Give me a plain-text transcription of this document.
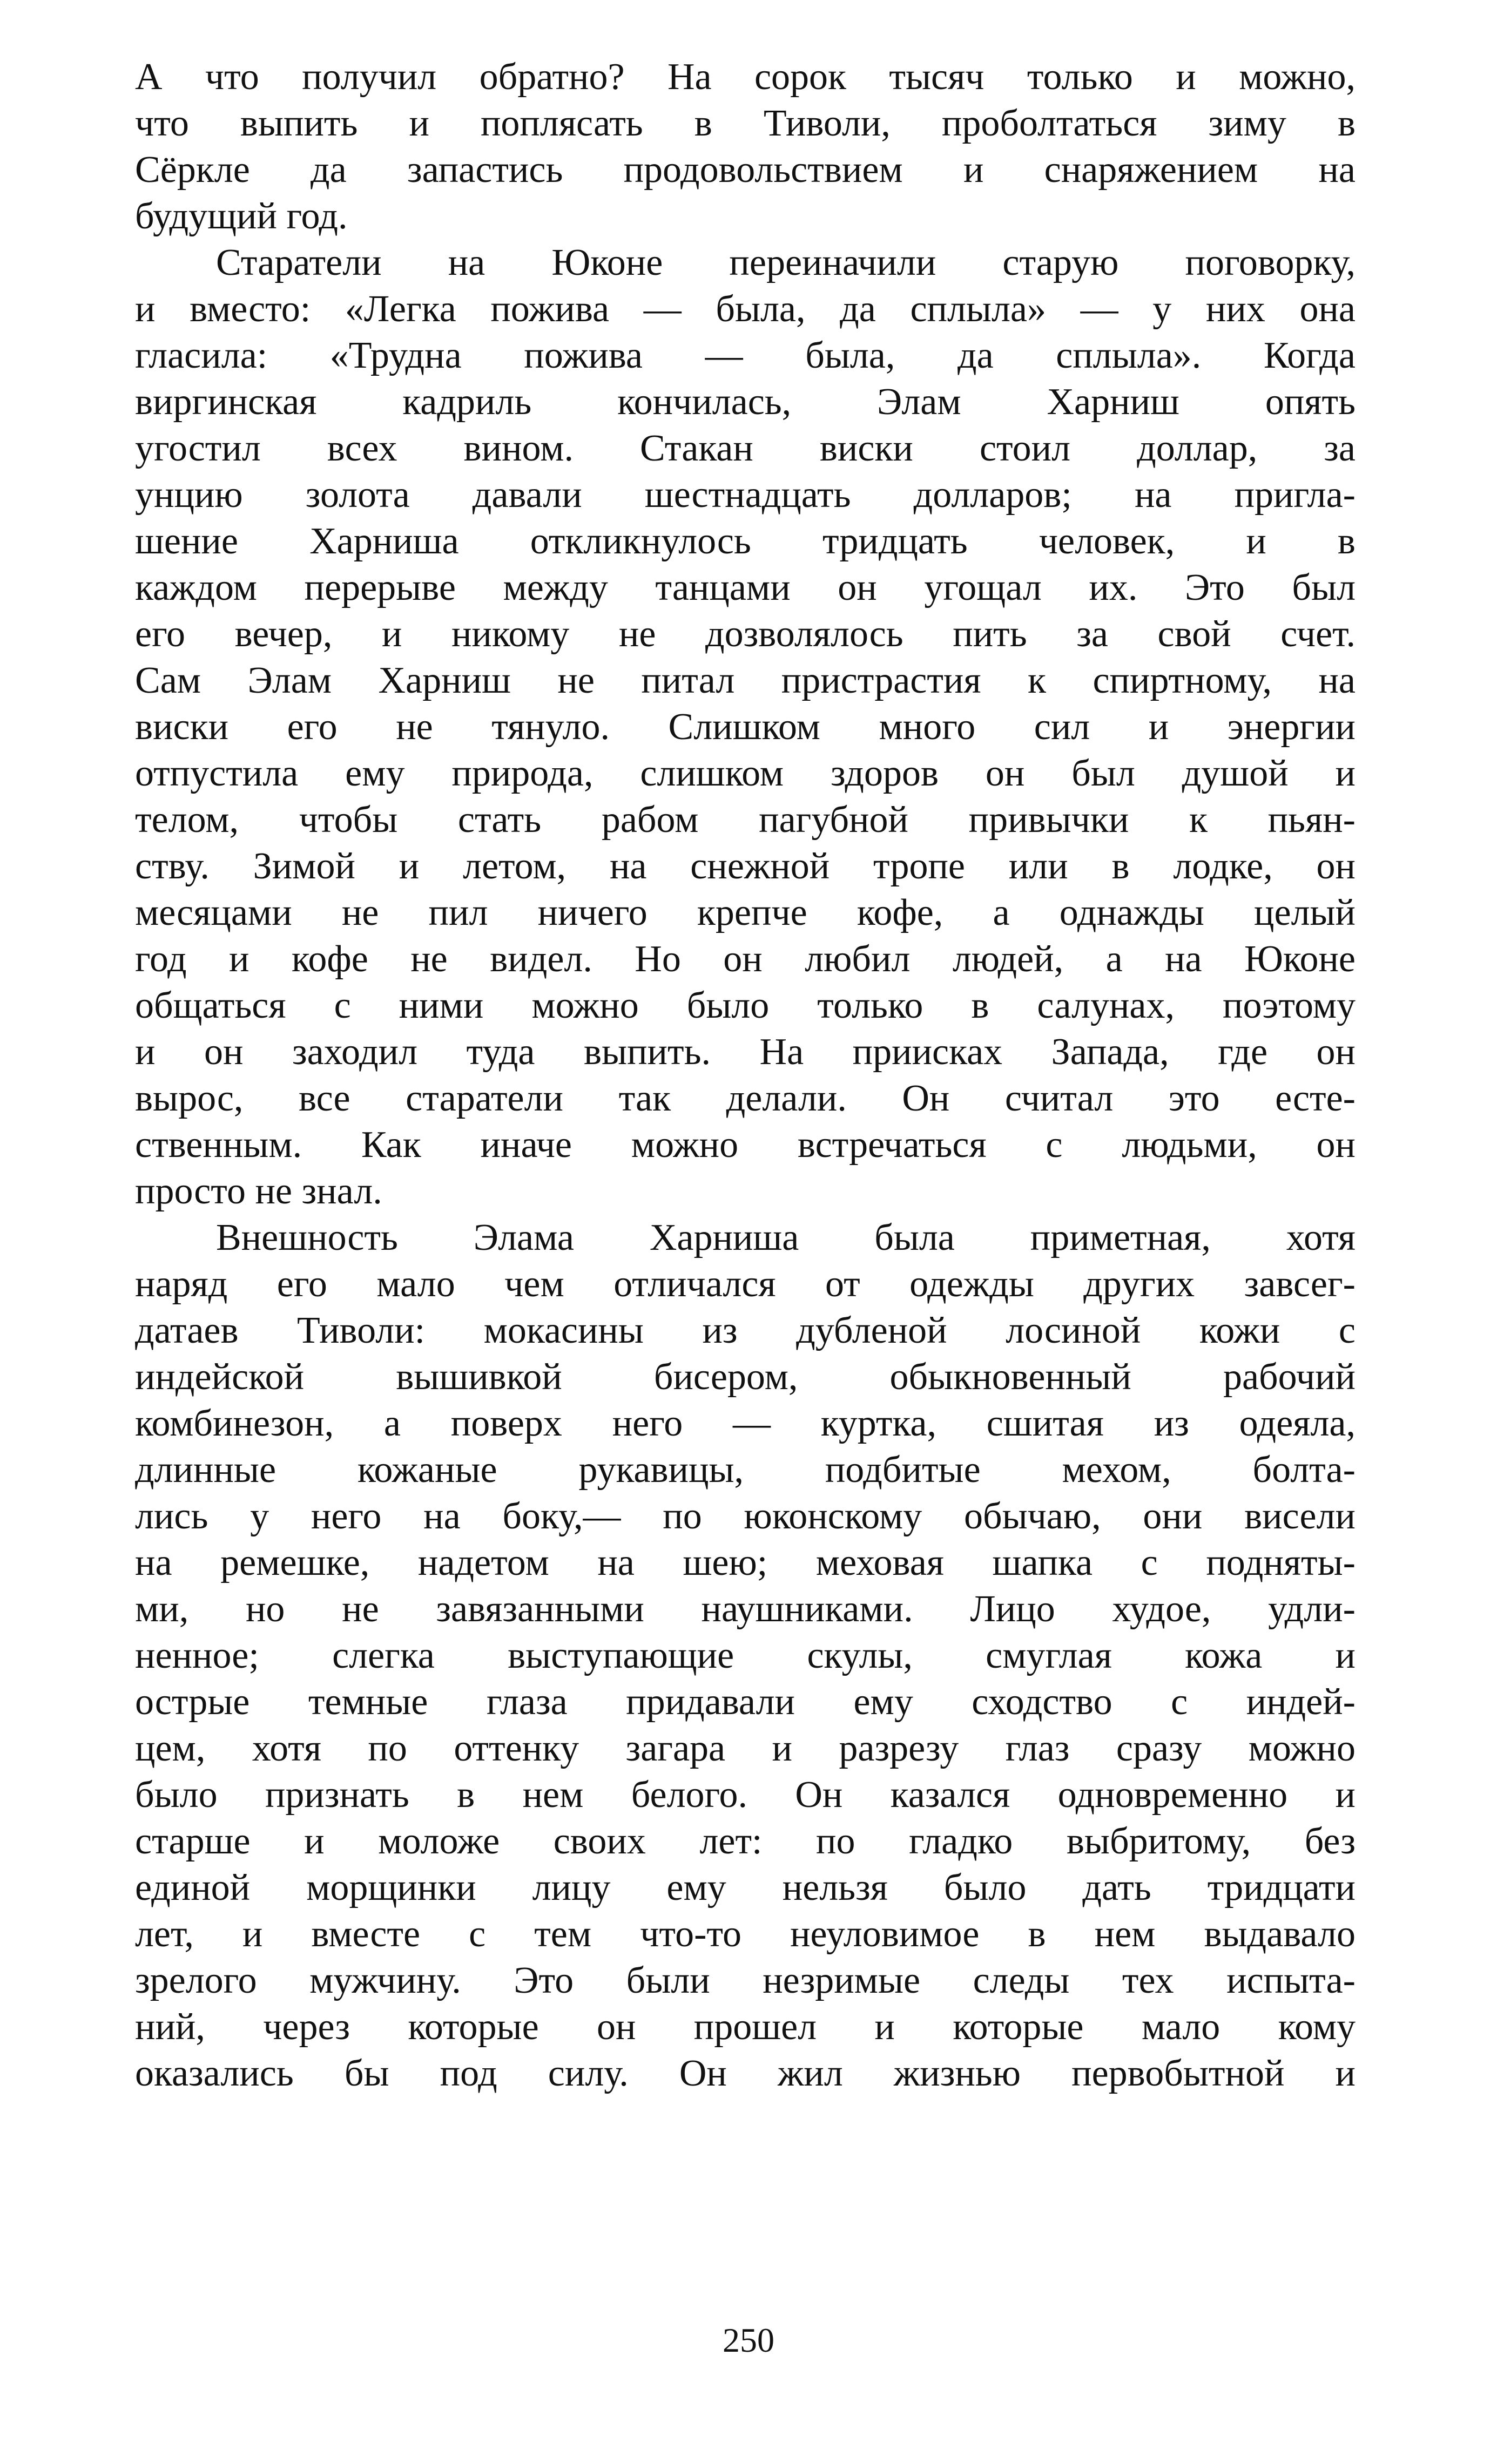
А что получил обратно? На сорок тысяч только и можно,
что выпить и поплясать в Тиволи, проболтаться зиму в
Сёркле да запастись продовольствием и снаряжением на
будущий год.
Старатели на Юконе переиначили старую поговорку,
и вместо: «Легка пожива — была, да сплыла» — у них она
гласила: «Трудна пожива — была, да сплыла». Когда
виргинская кадриль кончилась, Элам Харниш опять
угостил всех вином. Стакан виски стоил доллар, за
унцию золота давали шестнадцать долларов; на пригла-
шение Харниша откликнулось тридцать человек, и в
каждом перерыве между танцами он угощал их. Это был
его вечер, и никому не дозволялось пить за свой счет.
Сам Элам Харниш не питал пристрастия к спиртному, на
виски его не тянуло. Слишком много сил и энергии
отпустила ему природа, слишком здоров он был душой и
телом, чтобы стать рабом пагубной привычки к пьян-
ству. Зимой и летом, на снежной тропе или в лодке, он
месяцами не пил ничего крепче кофе, а однажды целый
год и кофе не видел. Но он любил людей, а на Юконе
общаться с ними можно было только в салунах, поэтому
и он заходил туда выпить. На приисках Запада, где он
вырос, все старатели так делали. Он считал это есте-
ственным. Как иначе можно встречаться с людьми, он
просто не знал.
Внешность Элама Харниша была приметная, хотя
наряд его мало чем отличался от одежды других завсег-
датаев Тиволи: мокасины из дубленой лосиной кожи с
индейской вышивкой бисером, обыкновенный рабочий
комбинезон, а поверх него — куртка, сшитая из одеяла,
длинные кожаные рукавицы, подбитые мехом, болта-
лись у него на боку,— по юконскому обычаю, они висели
на ремешке, надетом на шею; меховая шапка с подняты-
ми, но не завязанными наушниками. Лицо худое, удли-
ненное; слегка выступающие скулы, смуглая кожа и
острые темные глаза придавали ему сходство с индей-
цем, хотя по оттенку загара и разрезу глаз сразу можно
было признать в нем белого. Он казался одновременно и
старше и моложе своих лет: по гладко выбритому, без
единой морщинки лицу ему нельзя было дать тридцати
лет, и вместе с тем что-то неуловимое в нем выдавало
зрелого мужчину. Это были незримые следы тех испыта-
ний, через которые он прошел и которые мало кому
оказались бы под силу. Он жил жизнью первобытной и
250
